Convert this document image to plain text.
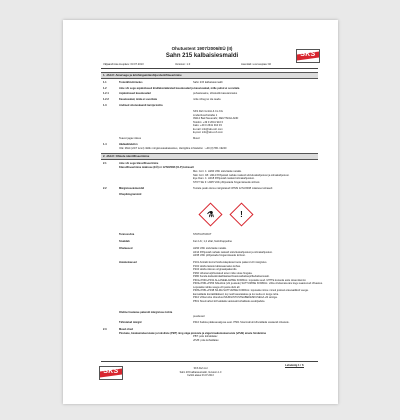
Ohutustent 1907/2006/EÜ (II)
Sahn 215 kalbaisiesmaldi	SKS
Väljaandmise kuupäev: 03.07.2013	Versioon: 1.0	Asendab: uus kuupäev 02
1. JAGU: Aine/segu ja äriühingu/ettevõtja identifitseerimine
1.1	Tootetähis/nimetus	Sahn 215 kalbaisiesmaldi
1.2	Aine või segu asjakohased kindlaksmääratud kasutusalad ja kasutusalad, mille puhul ei soovitata
1.2.1	Asjakohased kasutusalad	puhastusaine, tööstuslik kasutamiseks
1.2.2	Kasutusalad, mida ei soovitata	mitte ühtegi ei ole teada
1.3	Andmed ohutuskaardi tarnija kohta
SKS Reh GmbH & Co KG
Lindenbuschstraße 1
09112 Bad Neuenahr, DEUTSCHLAND
Telefon: +49 0 2641 910 0
Faks: +49 0 2641 910 33
E-mail: info@sks-reh.com
E-post: info@sks-reh.com
Teavet jagav üksus	Muud
1.4	Hädaabitelefon
ICE: Mürk (24/7 tunni) riiklik mürgistusteabekeskus, üleriigiline infotelefon : +49 (0) 551 19240
2. JAGU: Ohtude identifitseerimine
2.1	Aine või segu klassifitseerimine
Klassifitseerimine määruse (EÜ) nr 1272/2008 (CLP) kohaselt
Met. Corr. 1: H290 Võib söövitada metalle.
Skin Corr. 1B: H314 Põhjustab nahale raskeid söövituskahjustusi ja silmakahjustusi.
Eye Dam. 1: H318 Põhjustab raskeid silmakahjustusi.
STOT SE 3: H335 Võib põhjustada hingamisteede ärritust.
2.2	Märgistuselemendid	Tootele peab olema märgistatud CPMS 1272/2008 määruse kohaselt
Ohupiktogrammid
⚗	!
Tunnussõna	STATUATURUT
Sisaldab	Fat 2 Ar; 1,2 eftal, fosforhappeline
Ohulaused	H290 Võib söövitada metalle.
H314 Põhjustab nahale raskeid söövituskahjustusi ja silmakahjustusi.
H335 Võib põhjustada hingamisteede ärritust.
Hoiatuslaused	P101 Arstiabi korral hoida käepärast toote pakend või märgistus.
P102 Hoida lastele kättesaamatus kohas.
P234 Hoida üksnes originaalpakendis.
P260 Udu/auru/pihustatud ainet mitte sisse hingata.
P280 Kanda kaitsekindaid/kaitserõivastust/kaitseprille/kaitsemaski.
P301+P330+P331 ALLANEELAMISE KORRAL: loputada suud. MITTE kutsuda esile oksendamist.
P303+P361+P353 NAHALE (või juustele) SATTUMISE KORRAL: võtta viivitamata ära kogu saastunud rõivastus.
Loputada nahka veega või pesta duši all.
P305+P351+P338 SILMA SATTUMISE KORRAL: loputada mitme minuti jooksul ettevaatlikult veega.
Eemaldada kontaktläätsed, kui neid kasutatakse ja kui seda on kerge teha.
P310 Võtta kohe ühendust MÜRGISTUSTEABEKESKUSEGA või arstiga.
P501 Sisu/mahuti kõrvaldada vastavalt kohalikele eeskirjadele.
Oluline lisateave pakendi märgistuse kohta
puuduvad
Tähistatud märgid	P410 Kaitsta päikesevalguse eest. P501 Sisu/mahuti kõrvaldada vastavalt nõuetele.
2.3	Muud ohud
Püsivate, bioakumuleeruvate ja toksiliste (PBT) ning väga püsivate ja väga bioakumuleeruvate (vPvB) ainete hindamine
PBT: pole kohaldatav
vPvB: pole kohaldatav
SKS
Lehekülg 1 / 6
SKS Reh Ltd
Sahn 215 kalbaisiesmaldi, Versioon 1.0
Kehtib alates 03.07.2013
